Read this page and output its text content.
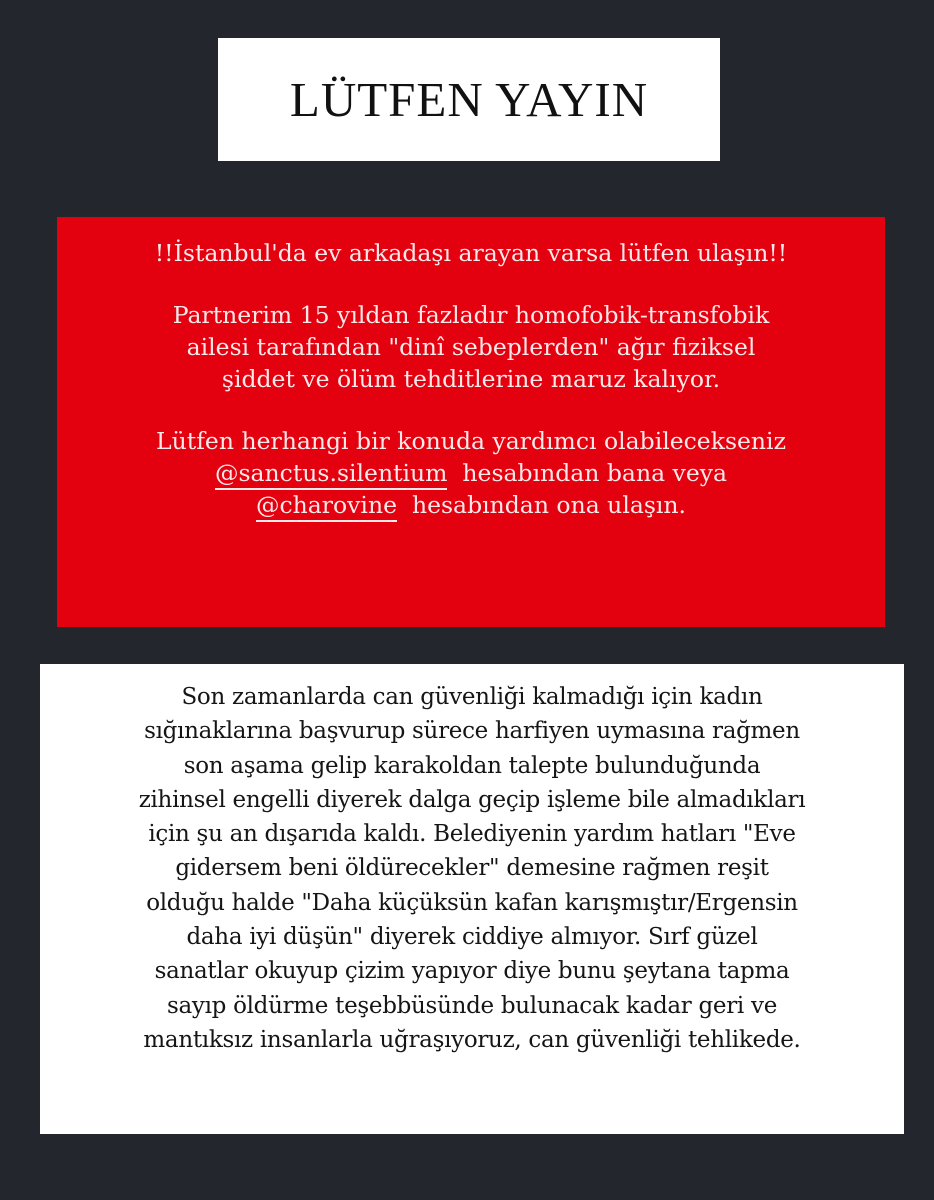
LÜTFEN YAYIN
!!İstanbul'da ev arkadaşı arayan varsa lütfen ulaşın!!
Partnerim 15 yıldan fazladır homofobik-transfobik
ailesi tarafından "dinî sebeplerden" ağır fiziksel
şiddet ve ölüm tehditlerine maruz kalıyor.
Lütfen herhangi bir konuda yardımcı olabilecekseniz
@sanctus.silentium hesabından bana veya
@charovine hesabından ona ulaşın.
Son zamanlarda can güvenliği kalmadığı için kadın
sığınaklarına başvurup sürece harfiyen uymasına rağmen
son aşama gelip karakoldan talepte bulunduğunda
zihinsel engelli diyerek dalga geçip işleme bile almadıkları
için şu an dışarıda kaldı. Belediyenin yardım hatları "Eve
gidersem beni öldürecekler" demesine rağmen reşit
olduğu halde "Daha küçüksün kafan karışmıştır/Ergensin
daha iyi düşün" diyerek ciddiye almıyor. Sırf güzel
sanatlar okuyup çizim yapıyor diye bunu şeytana tapma
sayıp öldürme teşebbüsünde bulunacak kadar geri ve
mantıksız insanlarla uğraşıyoruz, can güvenliği tehlikede.
